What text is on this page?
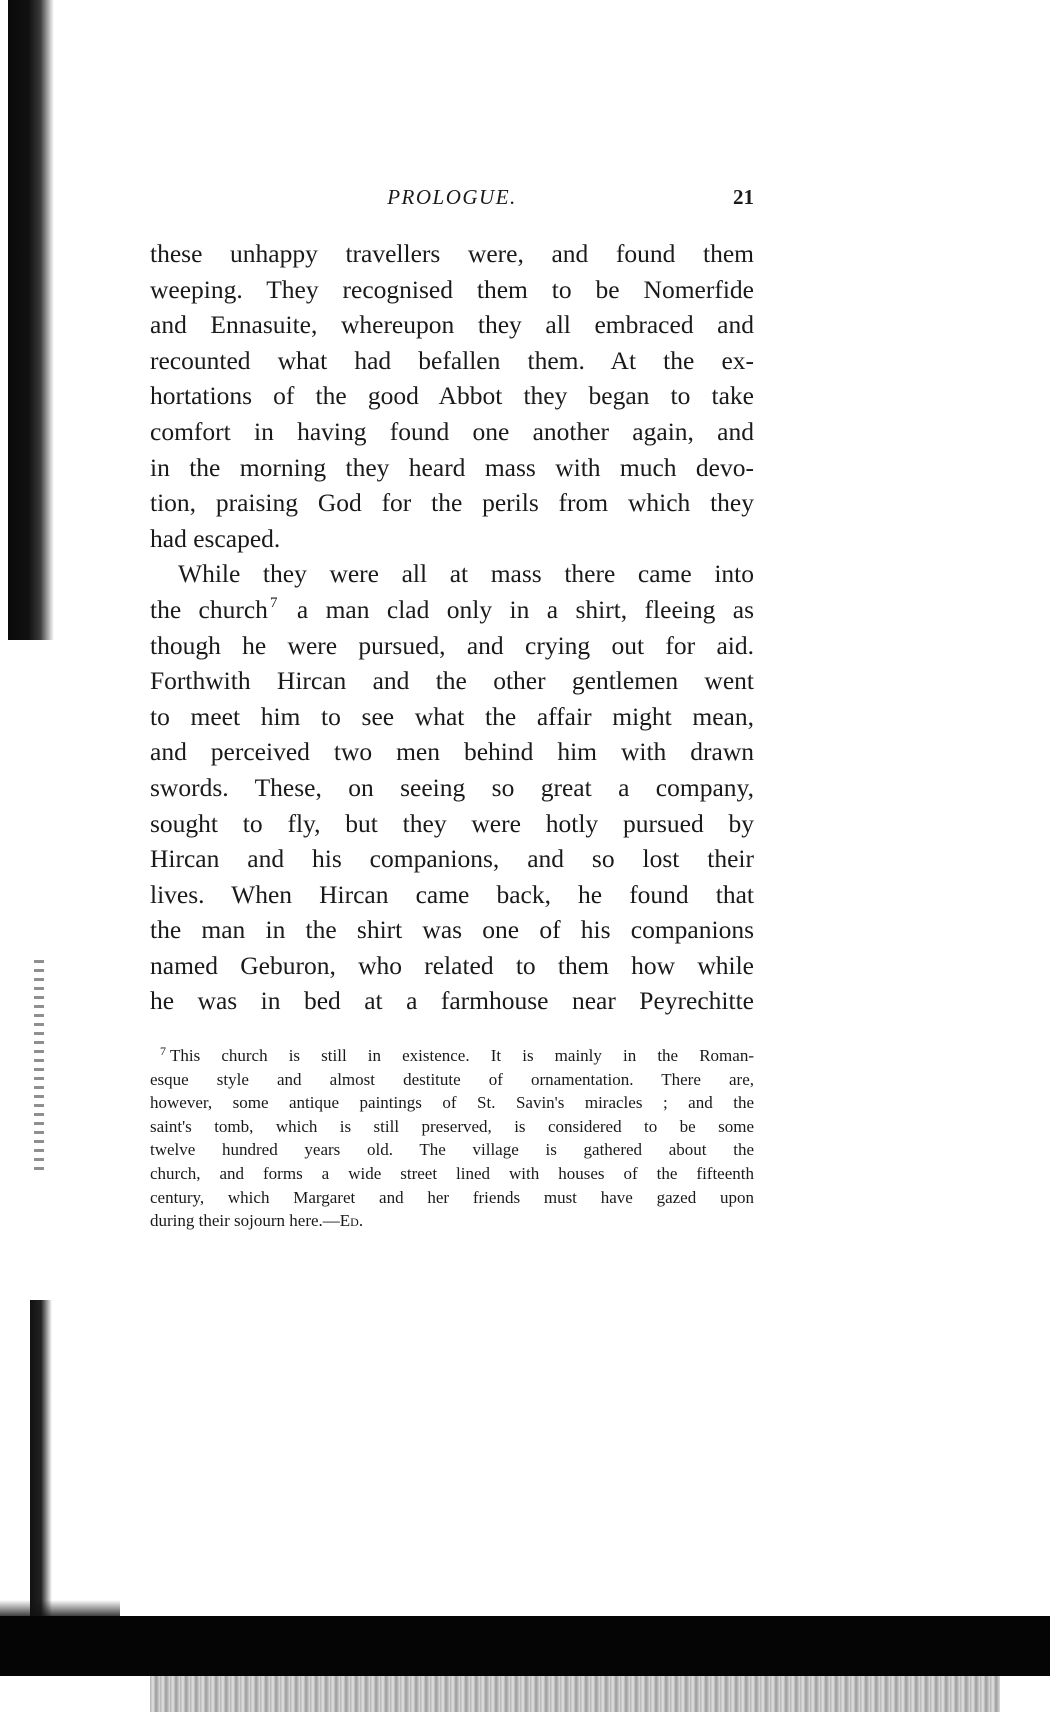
PROLOGUE.	21
these unhappy travellers were, and found them
weeping. They recognised them to be Nomerfide
and Ennasuite, whereupon they all embraced and
recounted what had befallen them. At the ex-
hortations of the good Abbot they began to take
comfort in having found one another again, and
in the morning they heard mass with much devo-
tion, praising God for the perils from which they
had escaped.
While they were all at mass there came into
the church $^7$ a man clad only in a shirt, fleeing as
though he were pursued, and crying out for aid.
Forthwith Hircan and the other gentlemen went
to meet him to see what the affair might mean,
and perceived two men behind him with drawn
swords. These, on seeing so great a company,
sought to fly, but they were hotly pursued by
Hircan and his companions, and so lost their
lives. When Hircan came back, he found that
the man in the shirt was one of his companions
named Geburon, who related to them how while
he was in bed at a farmhouse near Peyrechitte
$^7$ This church is still in existence. It is mainly in the Roman-
esque style and almost destitute of ornamentation. There are,
however, some antique paintings of St. Savin's miracles ; and the
saint's tomb, which is still preserved, is considered to be some
twelve hundred years old. The village is gathered about the
church, and forms a wide street lined with houses of the fifteenth
century, which Margaret and her friends must have gazed upon
during their sojourn here.—Ed.
